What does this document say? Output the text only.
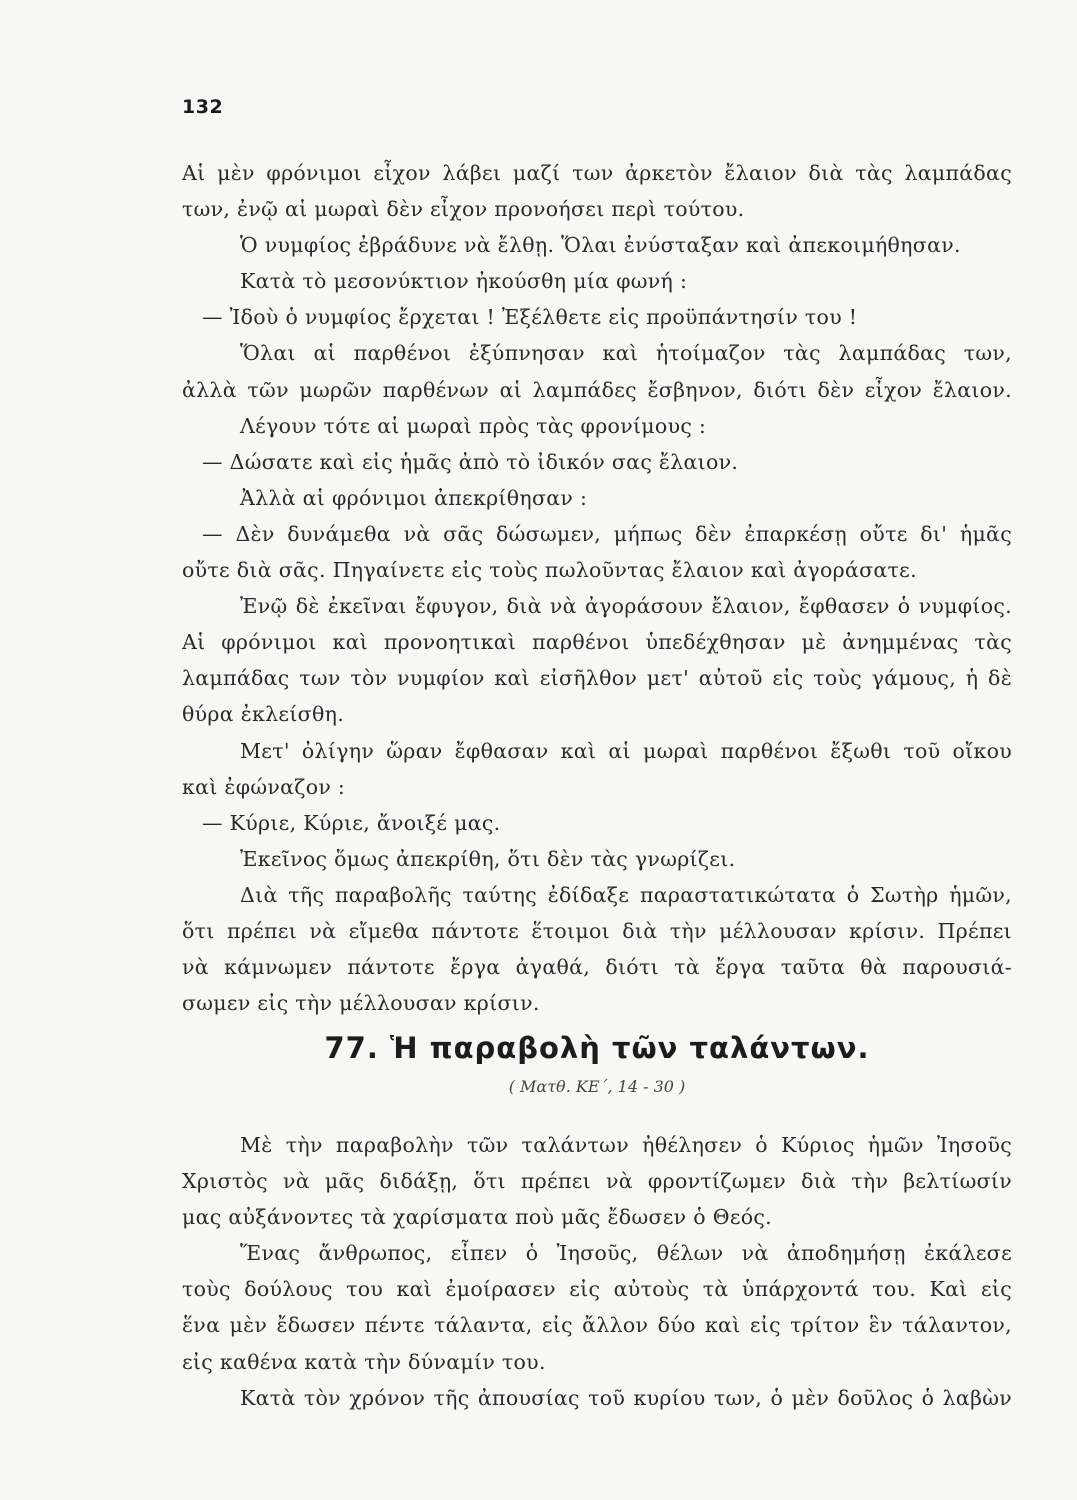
132
Αἱ μὲν φρόνιμοι εἶχον λάβει μαζί των ἀρκετὸν ἔλαιον διὰ τὰς λαμπάδας
των, ἐνῷ αἱ μωραὶ δὲν εἶχον προνοήσει περὶ τούτου.
Ὁ νυμφίος ἐβράδυνε νὰ ἔλθῃ. Ὅλαι ἐνύσταξαν καὶ ἀπεκοιμήθησαν.
Κατὰ τὸ μεσονύκτιον ἠκούσθη μία φωνή :
— Ἰδοὺ ὁ νυμφίος ἔρχεται ! Ἐξέλθετε εἰς προϋπάντησίν του !
Ὅλαι αἱ παρθένοι ἐξύπνησαν καὶ ἡτοίμαζον τὰς λαμπάδας των,
ἀλλὰ τῶν μωρῶν παρθένων αἱ λαμπάδες ἔσβηνον, διότι δὲν εἶχον ἔλαιον.
Λέγουν τότε αἱ μωραὶ πρὸς τὰς φρονίμους :
— Δώσατε καὶ εἰς ἡμᾶς ἀπὸ τὸ ἰδικόν σας ἔλαιον.
Ἀλλὰ αἱ φρόνιμοι ἀπεκρίθησαν :
— Δὲν δυνάμεθα νὰ σᾶς δώσωμεν, μήπως δὲν ἐπαρκέσῃ οὔτε δι' ἡμᾶς
οὔτε διὰ σᾶς. Πηγαίνετε εἰς τοὺς πωλοῦντας ἔλαιον καὶ ἀγοράσατε.
Ἐνῷ δὲ ἐκεῖναι ἔφυγον, διὰ νὰ ἀγοράσουν ἔλαιον, ἔφθασεν ὁ νυμφίος.
Αἱ φρόνιμοι καὶ προνοητικαὶ παρθένοι ὑπεδέχθησαν μὲ ἀνημμένας τὰς
λαμπάδας των τὸν νυμφίον καὶ εἰσῆλθον μετ' αὐτοῦ εἰς τοὺς γάμους, ἡ δὲ
θύρα ἐκλείσθη.
Μετ' ὀλίγην ὥραν ἔφθασαν καὶ αἱ μωραὶ παρθένοι ἔξωθι τοῦ οἴκου
καὶ ἐφώναζον :
— Κύριε, Κύριε, ἄνοιξέ μας.
Ἐκεῖνος ὅμως ἀπεκρίθη, ὅτι δὲν τὰς γνωρίζει.
Διὰ τῆς παραβολῆς ταύτης ἐδίδαξε παραστατικώτατα ὁ Σωτὴρ ἡμῶν,
ὅτι πρέπει νὰ εἴμεθα πάντοτε ἕτοιμοι διὰ τὴν μέλλουσαν κρίσιν. Πρέπει
νὰ κάμνωμεν πάντοτε ἔργα ἀγαθά, διότι τὰ ἔργα ταῦτα θὰ παρουσιά-
σωμεν εἰς τὴν μέλλουσαν κρίσιν.
77. Ἡ παραβολὴ τῶν ταλάντων.
( Ματθ. ΚΕ΄, 14 - 30 )
Μὲ τὴν παραβολὴν τῶν ταλάντων ἠθέλησεν ὁ Κύριος ἡμῶν Ἰησοῦς
Χριστὸς νὰ μᾶς διδάξῃ, ὅτι πρέπει νὰ φροντίζωμεν διὰ τὴν βελτίωσίν
μας αὐξάνοντες τὰ χαρίσματα ποὺ μᾶς ἔδωσεν ὁ Θεός.
Ἕνας ἄνθρωπος, εἶπεν ὁ Ἰησοῦς, θέλων νὰ ἀποδημήσῃ ἐκάλεσε
τοὺς δούλους του καὶ ἐμοίρασεν εἰς αὐτοὺς τὰ ὑπάρχοντά του. Καὶ εἰς
ἕνα μὲν ἔδωσεν πέντε τάλαντα, εἰς ἄλλον δύο καὶ εἰς τρίτον ἓν τάλαντον,
εἰς καθένα κατὰ τὴν δύναμίν του.
Κατὰ τὸν χρόνον τῆς ἀπουσίας τοῦ κυρίου των, ὁ μὲν δοῦλος ὁ λαβὼν
